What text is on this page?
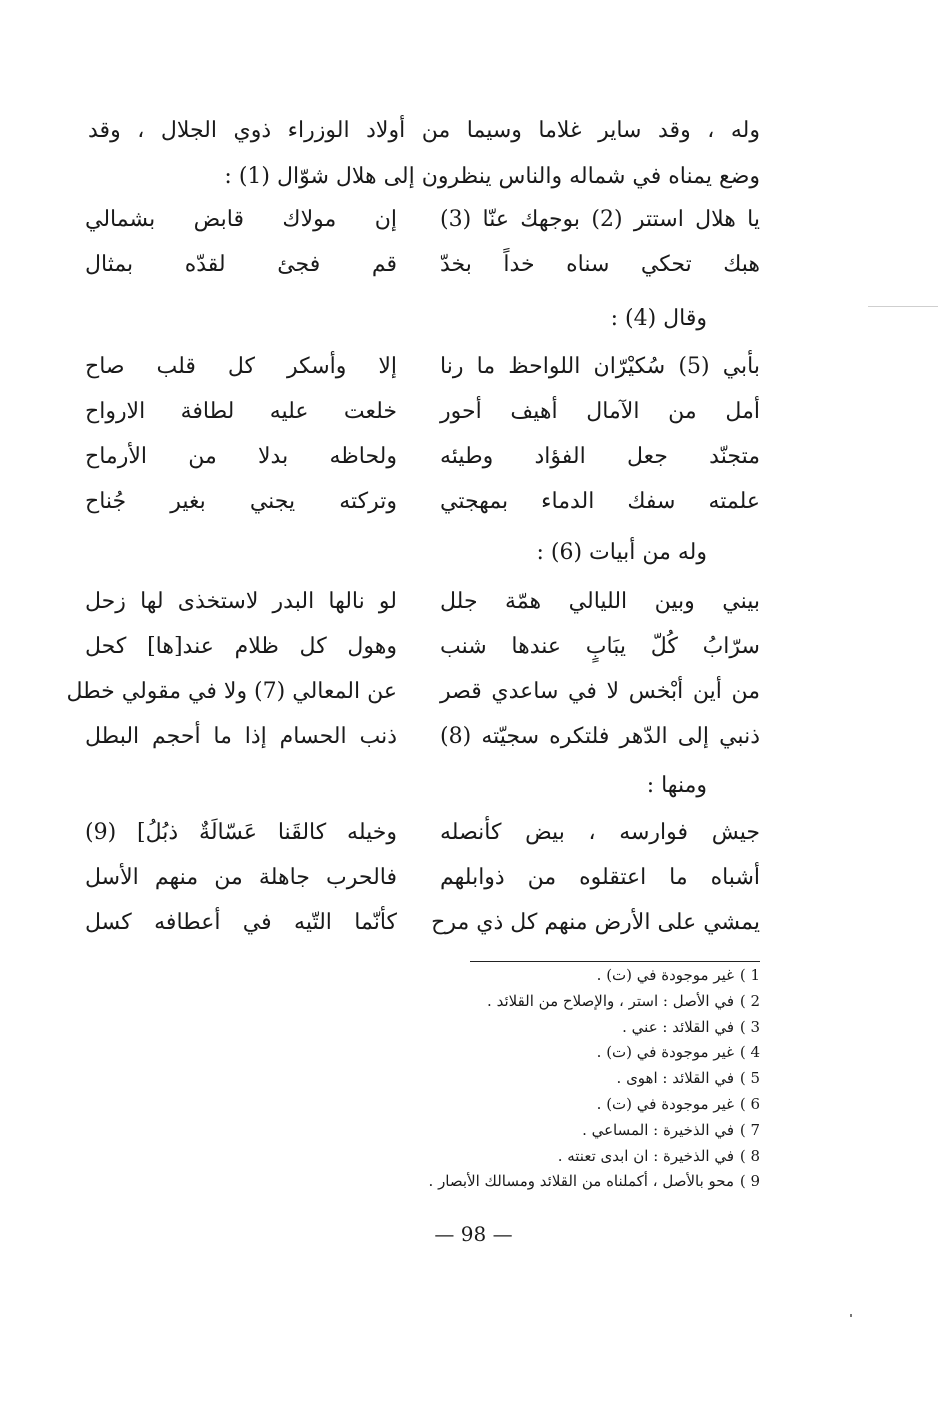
وله ، وقد ساير غلاما وسيما من أولاد الوزراء ذوي الجلال ، وقد
وضع يمناه في شماله والناس ينظرون إلى هلال شوّال (1) :
يا هلال استتر (2) بوجهك عنّا (3)
إن مولاك قابض بشمالي
هبك تحكي سناه خداً بخدّ
قم فجئ لقدّه بمثال
وقال (4) :
بأبي (5) سُكيْرّان اللواحظ ما رنا
إلا وأسكر كل قلب صاح
أمل من الآمال أهيف أحور
خلعت عليه لطافة الارواح
متجنّد جعل الفؤاد وطيئه
ولحاظه بدلا من الأرماح
علمته سفك الدماء بمهجتي
وتركته يجني بغير جُناح
وله من أبيات (6) :
بيني وبين الليالي همّة جلل
لو نالها البدر لاستخذى لها زحل
سرّابُ كُلّ يبَابٍ عندها شنب
وهول كل ظلام عند[ها] كحل
من أين أبْخس لا في ساعدي قصر
عن المعالي (7) ولا في مقولي خطل
ذنبي إلى الدّهر فلتكره سجيّته (8)
ذنب الحسام إذا ما أحجم البطل
ومنها :
جيش فوارسه ، بيض كأنصله
وخيله كالقَنا عَسّالَةٌ ذبُلُ] (9)
أشباه ما اعتقلوه من ذوابلهم
فالحرب جاهلة من منهم الأسل
يمشي على الأرض منهم كل ذي مرح
كأنّما التّيه في أعطافه كسل
1 )غير موجودة في (ت) .
2 )في الأصل : استر ، والإصلاح من القلائد .
3 )في القلائد : عني .
4 )غير موجودة في (ت) .
5 )في القلائد : اهوى .
6 )غير موجودة في (ت) .
7 )في الذخيرة : المساعي .
8 )في الذخيرة : ان ابدى تعنته .
9 )محو بالأصل ، أكملناه من القلائد ومسالك الأبصار .
— 98 —
